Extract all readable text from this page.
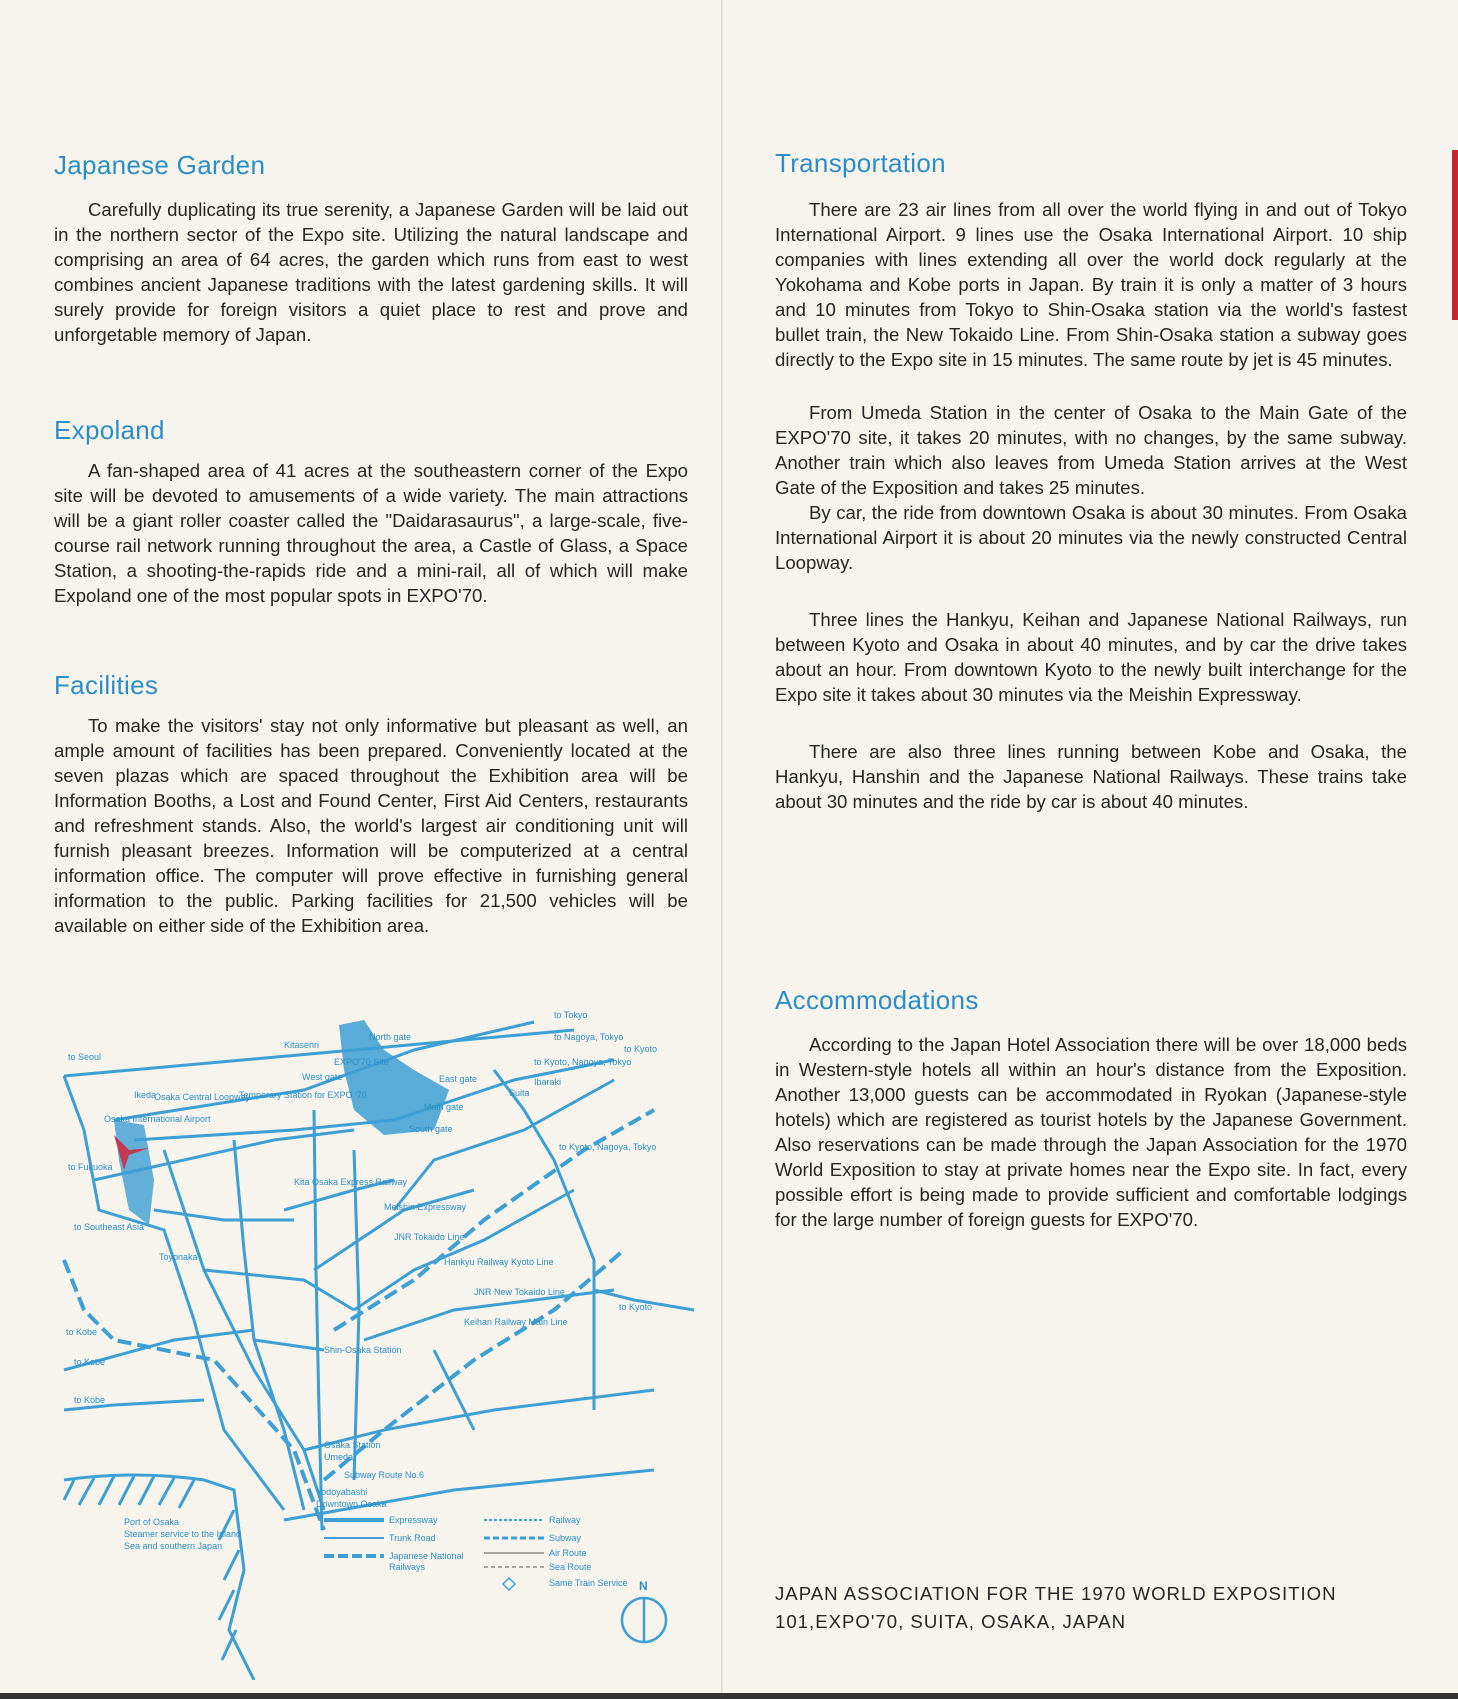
Japanese Garden

Carefully duplicating its true serenity, a Japanese Garden will be laid out in the northern sector of the Expo site. Utilizing the natural landscape and comprising an area of 64 acres, the garden which runs from east to west combines ancient Japanese traditions with the latest gardening skills. It will surely provide for foreign visitors a quiet place to rest and prove and unforgetable memory of Japan.

Expoland

A fan-shaped area of 41 acres at the southeastern corner of the Expo site will be devoted to amusements of a wide variety. The main attractions will be a giant roller coaster called the "Daidarasaurus", a large-scale, five-course rail network running throughout the area, a Castle of Glass, a Space Station, a shooting-the-rapids ride and a mini-rail, all of which will make Expoland one of the most popular spots in EXPO'70.

Facilities

To make the visitors' stay not only informative but pleasant as well, an ample amount of facilities has been prepared. Conveniently located at the seven plazas which are spaced throughout the Exhibition area will be Information Booths, a Lost and Found Center, First Aid Centers, restaurants and refreshment stands. Also, the world's largest air conditioning unit will furnish pleasant breezes. Information will be computerized at a central information office. The computer will prove effective in furnishing general information to the public. Parking facilities for 21,500 vehicles will be available on either side of the Exhibition area.

N
to Tokyo
to Nagoya, Tokyo
to Kyoto, Nagoya, Tokyo
to Kyoto
Ibaraki
to Kyoto, Nagoya, Tokyo
to Kyoto
to Seoul
Kitasenri
North gate
EXPO'70 Site
West gate	East gate
Temporary Station for EXPO '70
Ikeda
Osaka Central Loopway	Suita
Main gate
South gate
Osaka International Airport
to Fukuoka
to Southeast Asia
Toyonaka
to Kobe
to Kobe
to Kobe
Kita Osaka Express Railway
Meishin Expressway
JNR Tokaido Line
Hankyu Railway Kyoto Line
JNR New Tokaido Line
Shin-Osaka Station
Keihan Railway Main Line
Osaka Station
Umeda
Subway Route No.6
Yodoyabashi
Downtown Osaka
Port of Osaka
Steamer service to the Inland
Sea and southern Japan
Expressway
Trunk Road
Japanese National
Railways
Railway
Subway
Air Route
Sea Route
Same Train Service
Transportation

There are 23 air lines from all over the world flying in and out of Tokyo International Airport. 9 lines use the Osaka International Airport. 10 ship companies with lines extending all over the world dock regularly at the Yokohama and Kobe ports in Japan. By train it is only a matter of 3 hours and 10 minutes from Tokyo to Shin-Osaka station via the world's fastest bullet train, the New Tokaido Line. From Shin-Osaka station a subway goes directly to the Expo site in 15 minutes. The same route by jet is 45 minutes.

From Umeda Station in the center of Osaka to the Main Gate of the EXPO'70 site, it takes 20 minutes, with no changes, by the same subway. Another train which also leaves from Umeda Station arrives at the West Gate of the Exposition and takes 25 minutes.

By car, the ride from downtown Osaka is about 30 minutes. From Osaka International Airport it is about 20 minutes via the newly constructed Central Loopway.

Three lines the Hankyu, Keihan and Japanese National Railways, run between Kyoto and Osaka in about 40 minutes, and by car the drive takes about an hour. From downtown Kyoto to the newly built interchange for the Expo site it takes about 30 minutes via the Meishin Expressway.

There are also three lines running between Kobe and Osaka, the Hankyu, Hanshin and the Japanese National Railways. These trains take about 30 minutes and the ride by car is about 40 minutes.

Accommodations

According to the Japan Hotel Association there will be over 18,000 beds in Western-style hotels all within an hour's distance from the Exposition. Another 13,000 guests can be accommodated in Ryokan (Japanese-style hotels) which are registered as tourist hotels by the Japanese Government. Also reservations can be made through the Japan Association for the 1970 World Exposition to stay at private homes near the Expo site. In fact, every possible effort is being made to provide sufficient and comfortable lodgings for the large number of foreign guests for EXPO'70.

JAPAN ASSOCIATION FOR THE 1970 WORLD EXPOSITION

101,EXPO'70, SUITA, OSAKA, JAPAN
